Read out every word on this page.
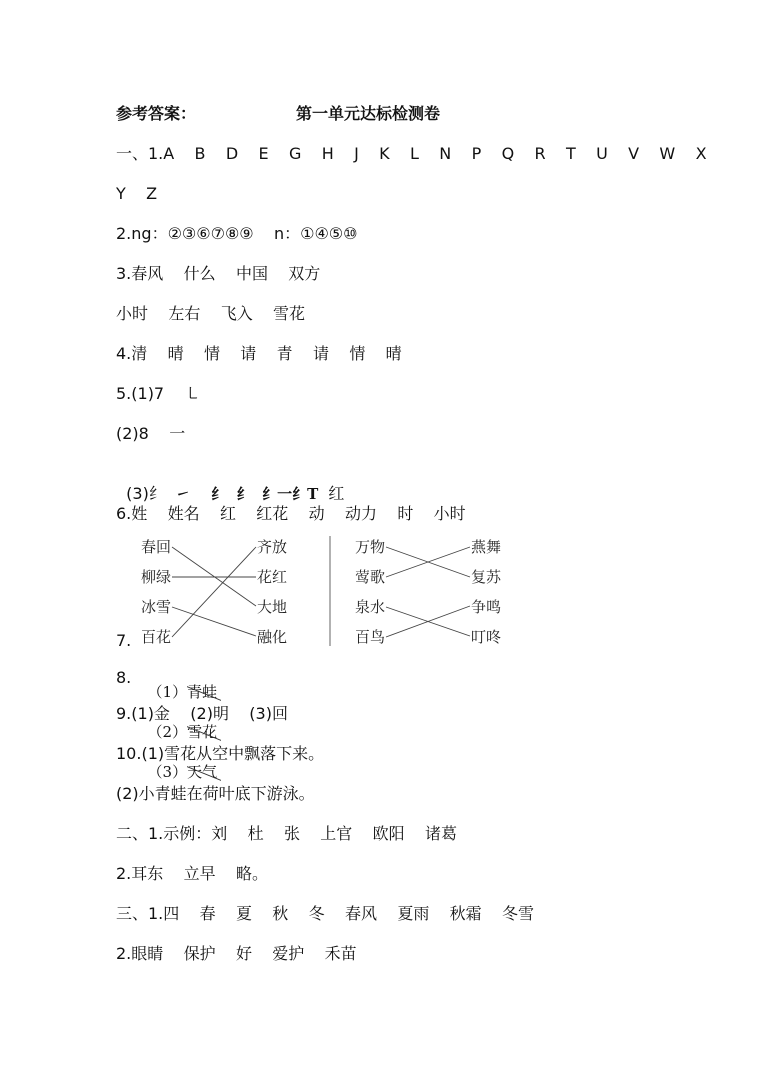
参考答案：	第一单元达标检测卷
一、1.A    B    D    E    G    H    J    K    L    N    P    Q    R    T    U    V    W    X
Y    Z
2.ng：②③⑥⑦⑧⑨    n：①④⑤⑩
3.春风    什么    中国    双方
小时    左右    飞入    雪花
4.清    晴    情    请    青    请    情    晴
5.(1)7    ㇄
(2)8    一

(3)纟  ㇀    纟  纟  纟一纟T  红

6.姓    姓名    红    红花    动    动力    时    小时
春回
柳绿
冰雪
百花
齐放
花红
大地
融化
万物
莺歌
泉水
百鸟
燕舞
复苏
争鸣
叮咚
7.
8.

（1）青蛙

（2）雪花

（3）天气

9.(1)金    (2)明    (3)回
10.(1)雪花从空中飘落下来。
(2)小青蛙在荷叶底下游泳。
二、1.示例：刘    杜    张    上官    欧阳    诸葛
2.耳东    立早    略。
三、1.四    春    夏    秋    冬    春风    夏雨    秋霜    冬雪
2.眼睛    保护    好    爱护    禾苗
